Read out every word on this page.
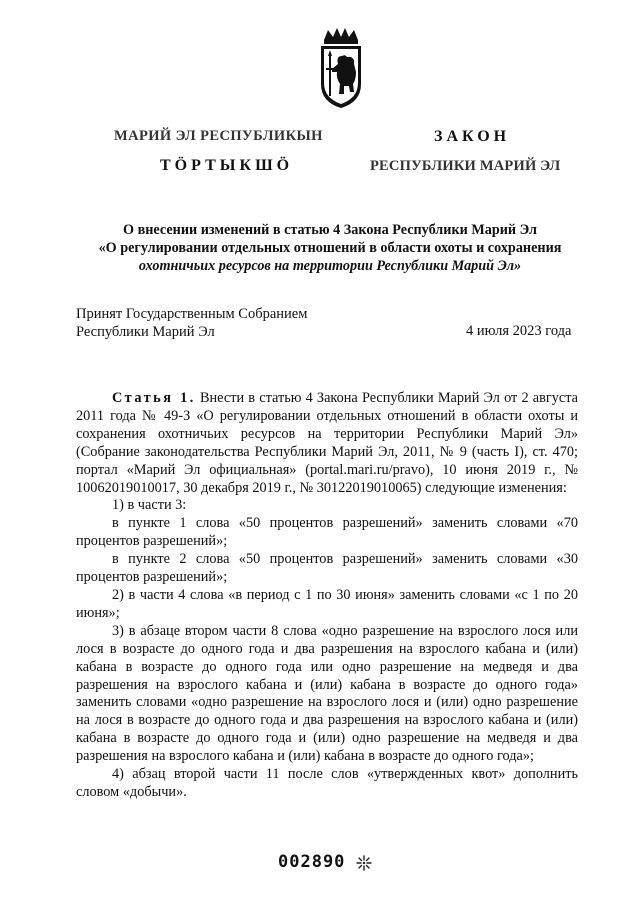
МАРИЙ ЭЛ РЕСПУБЛИКЫН	ЗАКОН
ТӦРТЫКШӦ	РЕСПУБЛИКИ МАРИЙ ЭЛ
О внесении изменений в статью 4 Закона Республики Марий Эл
«О регулировании отдельных отношений в области охоты и сохранения
охотничьих ресурсов на территории Республики Марий Эл»
Принят Государственным Собранием
Республики Марий Эл	4 июля 2023 года

Статья 1. Внести в статью 4 Закона Республики Марий Эл от 2 августа 2011 года № 49-З «О регулировании отдельных отношений в области охоты и сохранения охотничьих ресурсов на территории Республики Марий Эл» (Собрание законодательства Республики Марий Эл, 2011, № 9 (часть I), ст. 470; портал «Марий Эл официальная» (portal.mari.ru/pravo), 10 июня 2019 г., № 10062019010017, 30 декабря 2019 г., № 30122019010065) следующие изменения:

1) в части 3:

в пункте 1 слова «50 процентов разрешений» заменить словами «70 процентов разрешений»;

в пункте 2 слова «50 процентов разрешений» заменить словами «30 процентов разрешений»;

2) в части 4 слова «в период с 1 по 30 июня» заменить словами «с 1 по 20 июня»;

3) в абзаце втором части 8 слова «одно разрешение на взрослого лося или лося в возрасте до одного года и два разрешения на взрослого кабана и (или) кабана в возрасте до одного года или одно разрешение на медведя и два разрешения на взрослого кабана и (или) кабана в возрасте до одного года» заменить словами «одно разрешение на взрослого лося и (или) одно разрешение на лося в возрасте до одного года и два разрешения на взрослого кабана и (или) кабана в возрасте до одного года и (или) одно разрешение на медведя и два разрешения на взрослого кабана и (или) кабана в возрасте до одного года»;

4) абзац второй части 11 после слов «утвержденных квот» дополнить словом «добычи».

002890
